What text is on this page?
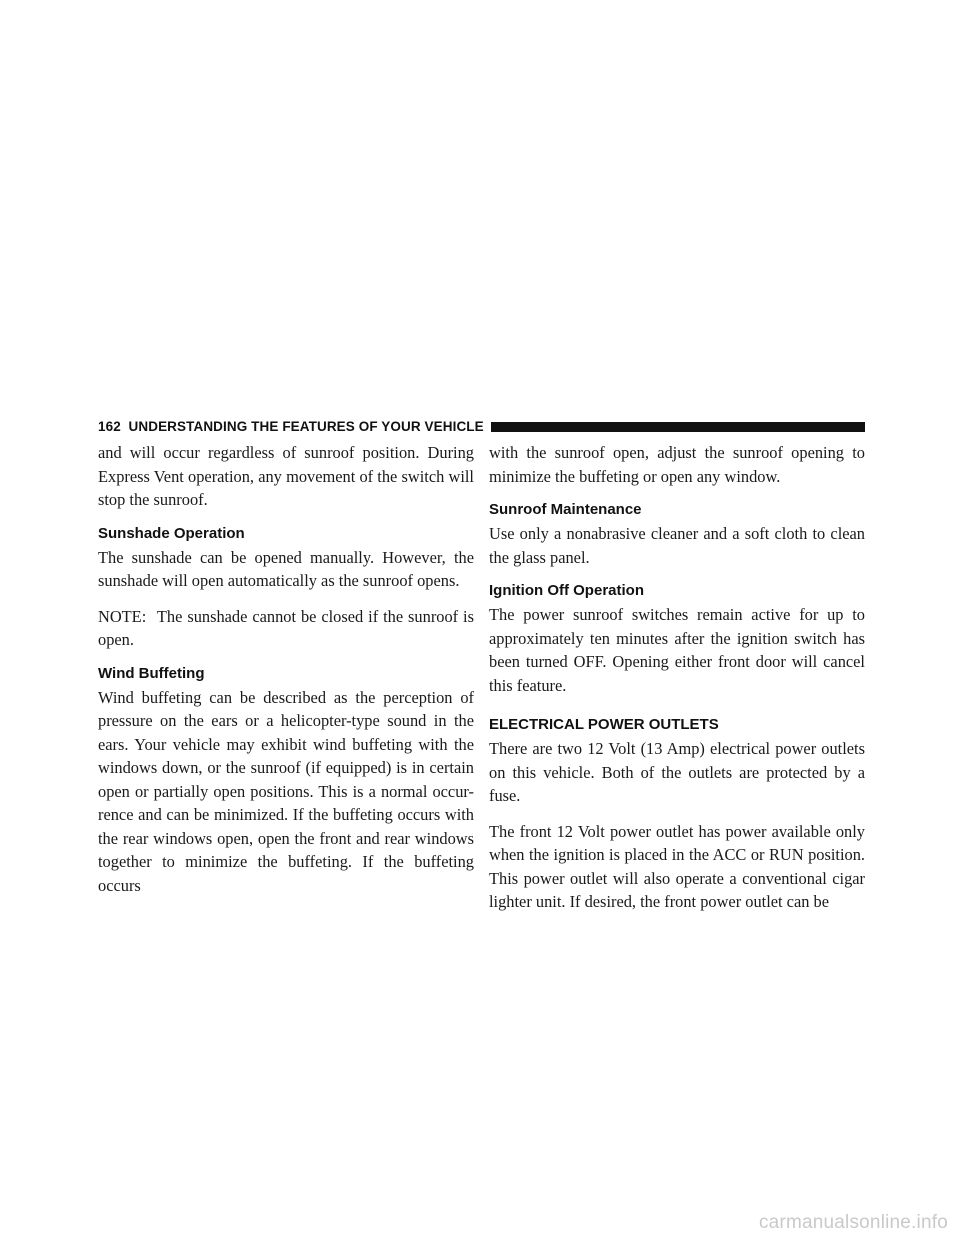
162 UNDERSTANDING THE FEATURES OF YOUR VEHICLE

and will occur regardless of sunroof position. During Express Vent operation, any movement of the switch will stop the sunroof.

Sunshade Operation

The sunshade can be opened manually. However, the sunshade will open automatically as the sunroof opens.

NOTE: The sunshade cannot be closed if the sunroof is open.

Wind Buffeting

Wind buffeting can be described as the perception of pressure on the ears or a helicopter-type sound in the ears. Your vehicle may exhibit wind buffeting with the windows down, or the sunroof (if equipped) is in certain open or partially open positions. This is a normal occur-rence and can be minimized. If the buffeting occurs with the rear windows open, open the front and rear windows together to minimize the buffeting. If the buffeting occurs

with the sunroof open, adjust the sunroof opening to minimize the buffeting or open any window.

Sunroof Maintenance

Use only a nonabrasive cleaner and a soft cloth to clean the glass panel.

Ignition Off Operation

The power sunroof switches remain active for up to approximately ten minutes after the ignition switch has been turned OFF. Opening either front door will cancel this feature.

ELECTRICAL POWER OUTLETS

There are two 12 Volt (13 Amp) electrical power outlets on this vehicle. Both of the outlets are protected by a fuse.

The front 12 Volt power outlet has power available only when the ignition is placed in the ACC or RUN position. This power outlet will also operate a conventional cigar lighter unit. If desired, the front power outlet can be

carmanualsonline.info
